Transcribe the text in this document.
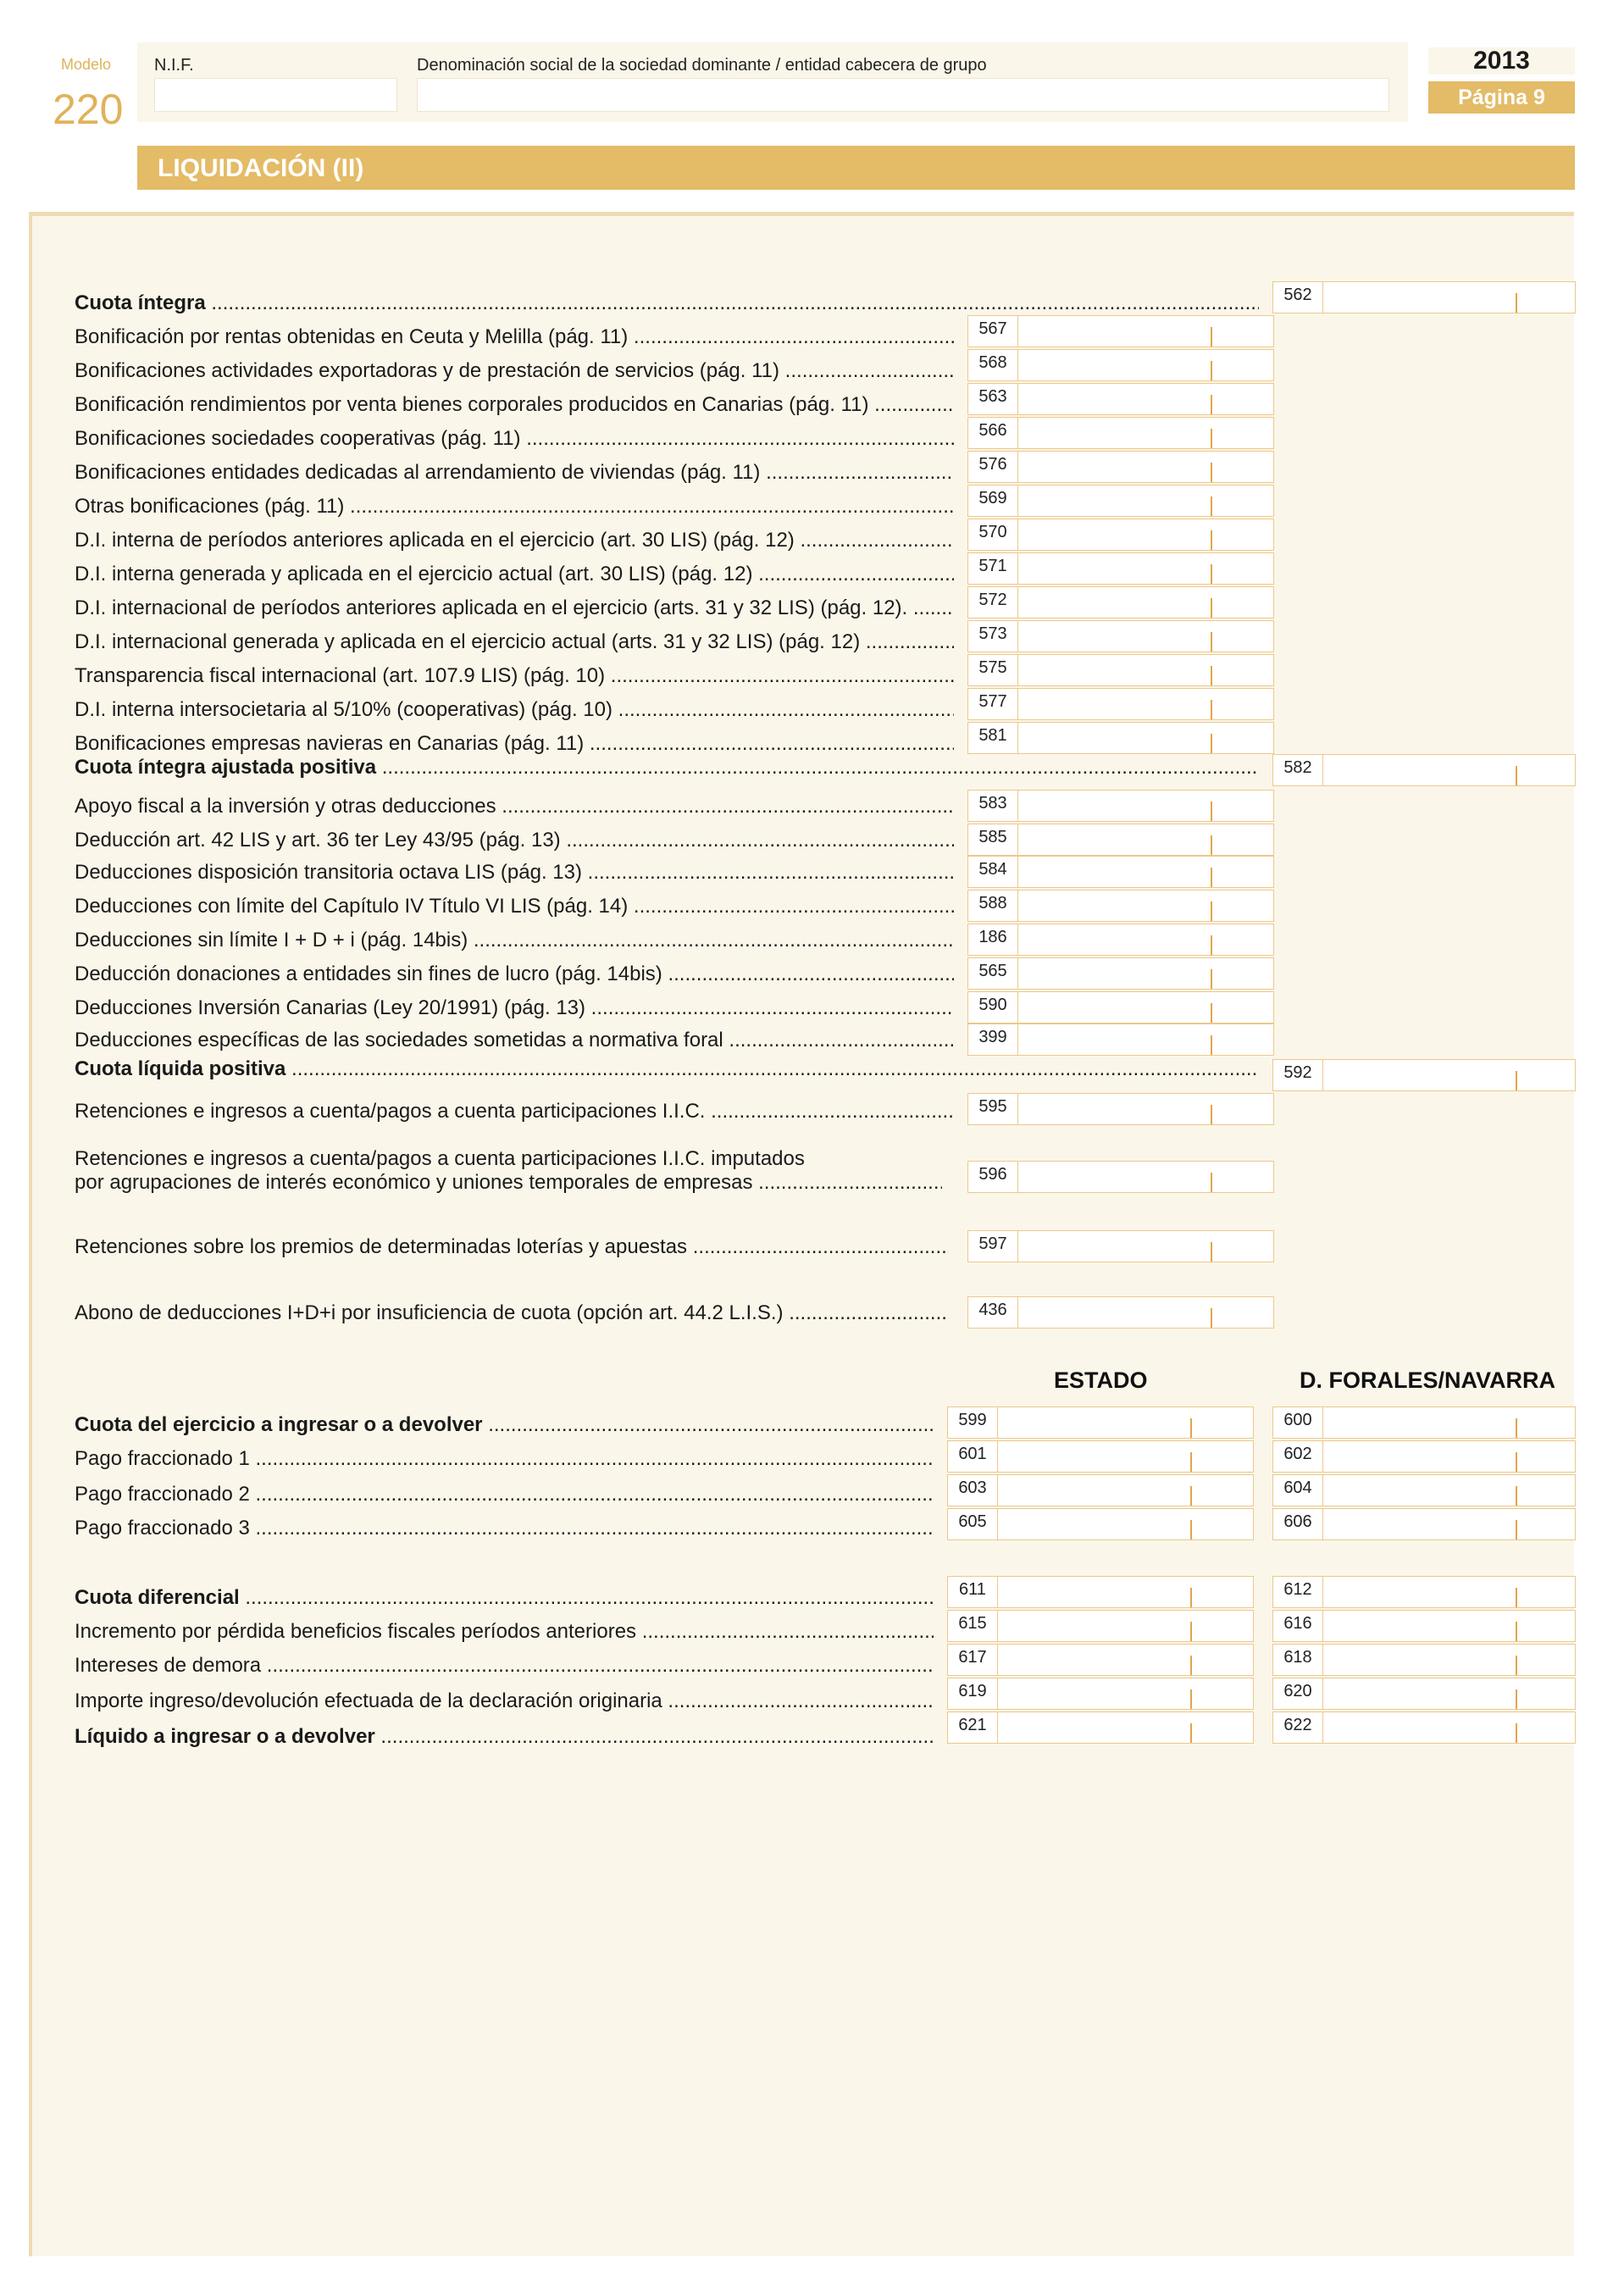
Modelo
220
N.I.F.	Denominación social de la sociedad dominante / entidad cabecera de grupo	2013
Página 9
LIQUIDACIÓN (II)
Cuota íntegra .....	562
Bonificación por rentas obtenidas en Ceuta y Melilla (pág. 11) .....	567
Bonificaciones actividades exportadoras y de prestación de servicios (pág. 11) .....	568
Bonificación rendimientos por venta bienes corporales producidos en Canarias (pág. 11) .....	563
Bonificaciones sociedades cooperativas (pág. 11) .....	566
Bonificaciones entidades dedicadas al arrendamiento de viviendas (pág. 11) .....	576
Otras bonificaciones (pág. 11) .....	569
D.I. interna de períodos anteriores aplicada en el ejercicio (art. 30 LIS) (pág. 12) .....	570
D.I. interna generada y aplicada en el ejercicio actual (art. 30 LIS) (pág. 12) .....	571
D.I. internacional de períodos anteriores aplicada en el ejercicio (arts. 31 y 32 LIS) (pág. 12). .....	572
D.I. internacional generada y aplicada en el ejercicio actual (arts. 31 y 32 LIS) (pág. 12) .....	573
Transparencia fiscal internacional (art. 107.9 LIS) (pág. 10) .....	575
D.I. interna intersocietaria al 5/10% (cooperativas) (pág. 10) .....	577
Bonificaciones empresas navieras en Canarias (pág. 11) .....	581
Cuota íntegra ajustada positiva .....	582
Apoyo fiscal a la inversión y otras deducciones .....	583
Deducción art. 42 LIS y art. 36 ter Ley 43/95 (pág. 13) .....	585
Deducciones disposición transitoria octava LIS (pág. 13) .....	584
Deducciones con límite del Capítulo IV Título VI LIS (pág. 14) .....	588
Deducciones sin límite I + D + i (pág. 14bis) .....	186
Deducción donaciones a entidades sin fines de lucro (pág. 14bis) .....	565
Deducciones Inversión Canarias (Ley 20/1991) (pág. 13) .....	590
Deducciones específicas de las sociedades sometidas a normativa foral .....	399
Cuota líquida positiva .....	592
Retenciones e ingresos a cuenta/pagos a cuenta participaciones I.I.C. .....	595
Retenciones e ingresos a cuenta/pagos a cuenta participaciones I.I.C. imputados
por agrupaciones de interés económico y uniones temporales de empresas .....	596
Retenciones sobre los premios de determinadas loterías y apuestas .....	597
Abono de deducciones I+D+i por insuficiencia de cuota (opción art. 44.2 L.I.S.) .....	436
ESTADO	D. FORALES/NAVARRA
Cuota del ejercicio a ingresar o a devolver .....	599	600
Pago fraccionado 1 .....	601	602
Pago fraccionado 2 .....	603	604
Pago fraccionado 3 .....	605	606
Cuota diferencial .....	611	612
Incremento por pérdida beneficios fiscales períodos anteriores .....	615	616
Intereses de demora .....	617	618
Importe ingreso/devolución efectuada de la declaración originaria .....	619	620
Líquido a ingresar o a devolver .....	621	622
